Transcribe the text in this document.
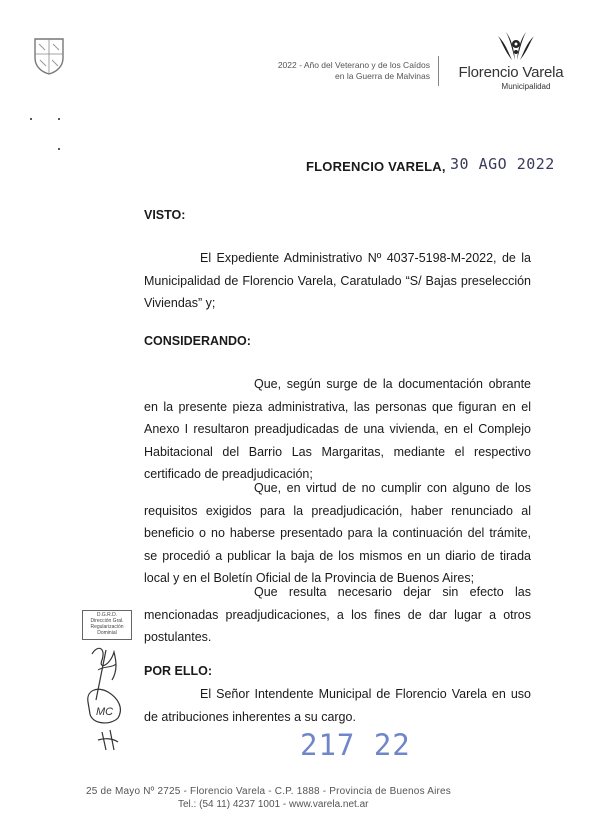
2022 - Año del Veterano y de los Caídos
en la Guerra de Malvinas	Florencio Varela
Municipalidad
FLORENCIO VARELA, 30 AGO 2022
VISTO:

El Expediente Administrativo Nº 4037-5198-M-2022, de la Municipalidad de Florencio Varela, Caratulado “S/ Bajas preselección Viviendas” y;

CONSIDERANDO:

Que, según surge de la documentación obrante en la presente pieza administrativa, las personas que figuran en el Anexo I resultaron preadjudicadas de una vivienda, en el Complejo Habitacional del Barrio Las Margaritas, mediante el respectivo certificado de preadjudicación;

Que, en virtud de no cumplir con alguno de los requisitos exigidos para la preadjudicación, haber renunciado al beneficio o no haberse presentado para la continuación del trámite, se procedió a publicar la baja de los mismos en un diario de tirada local y en el Boletín Oficial de la Provincia de Buenos Aires;

Que resulta necesario dejar sin efecto las mencionadas preadjudicaciones, a los fines de dar lugar a otros postulantes.

D.G.R.D.
Dirección Gral.
Regularización
Dominial
MC
POR ELLO:

El Señor Intendente Municipal de Florencio Varela en uso de atribuciones inherentes a su cargo.

217 22
25 de Mayo Nº 2725 - Florencio Varela - C.P. 1888 - Provincia de Buenos Aires
Tel.: (54 11) 4237 1001 - www.varela.net.ar
